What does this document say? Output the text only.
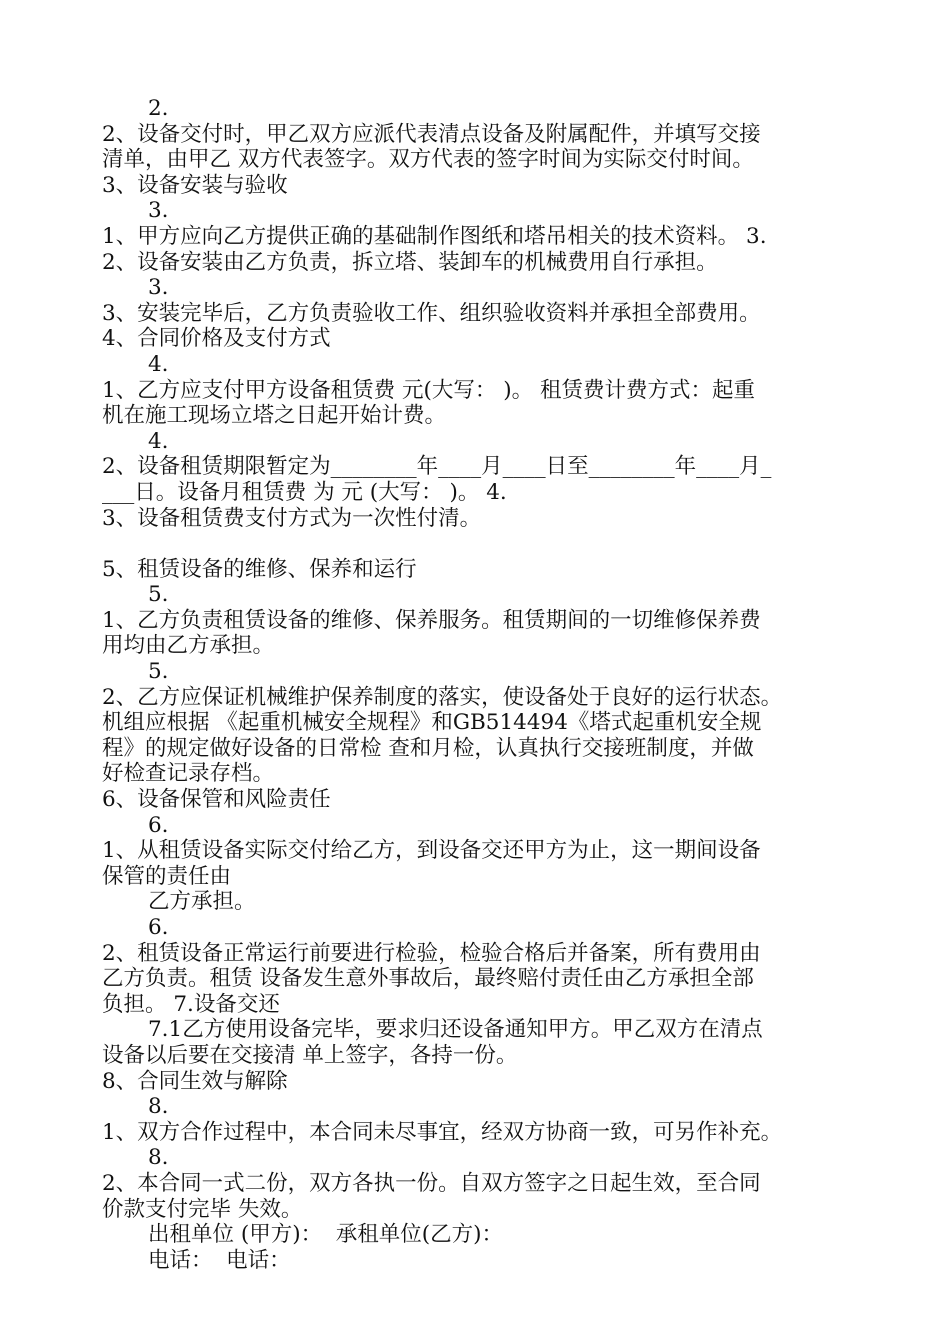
2.
2、设备交付时，甲乙双方应派代表清点设备及附属配件，并填写交接
清单，由甲乙 双方代表签字。双方代表的签字时间为实际交付时间。
3、设备安装与验收
3.
1、甲方应向乙方提供正确的基础制作图纸和塔吊相关的技术资料。 3.
2、设备安装由乙方负责，拆立塔、装卸车的机械费用自行承担。
3.
3、安装完毕后，乙方负责验收工作、组织验收资料并承担全部费用。
4、合同价格及支付方式
4.
1、乙方应支付甲方设备租赁费 元(大写： )。 租赁费计费方式：起重
机在施工现场立塔之日起开始计费。
4.
2、设备租赁期限暂定为________年____月____日至________年____月_
___日。设备月租赁费 为 元 (大写： )。 4.
3、设备租赁费支付方式为一次性付清。
5、租赁设备的维修、保养和运行
5.
1、乙方负责租赁设备的维修、保养服务。租赁期间的一切维修保养费
用均由乙方承担。
5.
2、乙方应保证机械维护保养制度的落实，使设备处于良好的运行状态。
机组应根据 《起重机械安全规程》和GB514494《塔式起重机安全规
程》的规定做好设备的日常检 查和月检，认真执行交接班制度，并做
好检查记录存档。
6、设备保管和风险责任
6.
1、从租赁设备实际交付给乙方，到设备交还甲方为止，这一期间设备
保管的责任由
乙方承担。
6.
2、租赁设备正常运行前要进行检验，检验合格后并备案，所有费用由
乙方负责。租赁 设备发生意外事故后，最终赔付责任由乙方承担全部
负担。 7.设备交还
7.1乙方使用设备完毕，要求归还设备通知甲方。甲乙双方在清点
设备以后要在交接清 单上签字，各持一份。
8、合同生效与解除
8.
1、双方合作过程中，本合同未尽事宜，经双方协商一致，可另作补充。
8.
2、本合同一式二份，双方各执一份。自双方签字之日起生效，至合同
价款支付完毕 失效。
出租单位 (甲方)：  承租单位(乙方)：
电话：  电话：
